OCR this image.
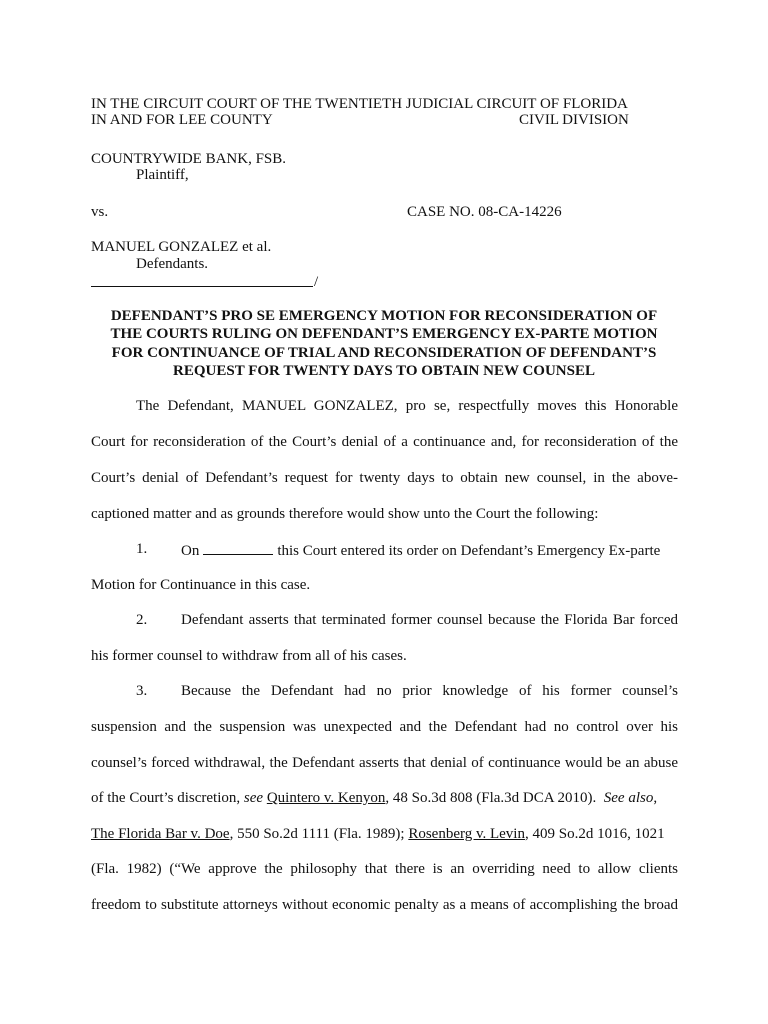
IN THE CIRCUIT COURT OF THE TWENTIETH JUDICIAL CIRCUIT OF FLORIDA
IN AND FOR LEE COUNTY	CIVIL DIVISION
COUNTRYWIDE BANK, FSB.
Plaintiff,
vs.	CASE NO. 08-CA-14226
MANUEL GONZALEZ et al.
Defendants.
/
DEFENDANT’S PRO SE EMERGENCY MOTION FOR RECONSIDERATION OF
THE COURTS RULING ON DEFENDANT’S EMERGENCY EX-PARTE MOTION
FOR CONTINUANCE OF TRIAL AND RECONSIDERATION OF DEFENDANT’S
REQUEST FOR TWENTY DAYS TO OBTAIN NEW COUNSEL
The Defendant, MANUEL GONZALEZ, pro se, respectfully moves this Honorable
Court for reconsideration of the Court’s denial of a continuance and, for reconsideration of the
Court’s denial of Defendant’s request for twenty days to obtain new counsel, in the above-
captioned matter and as grounds therefore would show unto the Court the following:
1. On	this Court entered its order on Defendant’s Emergency Ex-parte
Motion for Continuance in this case.
2. Defendant asserts that terminated former counsel because the Florida Bar forced
his former counsel to withdraw from all of his cases.
3. Because the Defendant had no prior knowledge of his former counsel’s
suspension and the suspension was unexpected and the Defendant had no control over his
counsel’s forced withdrawal, the Defendant asserts that denial of continuance would be an abuse
of the Court’s discretion, see Quintero v. Kenyon, 48 So.3d 808 (Fla.3d DCA 2010). See also,
The Florida Bar v. Doe, 550 So.2d 1111 (Fla. 1989); Rosenberg v. Levin, 409 So.2d 1016, 1021
(Fla. 1982) (“We approve the philosophy that there is an overriding need to allow clients
freedom to substitute attorneys without economic penalty as a means of accomplishing the broad
